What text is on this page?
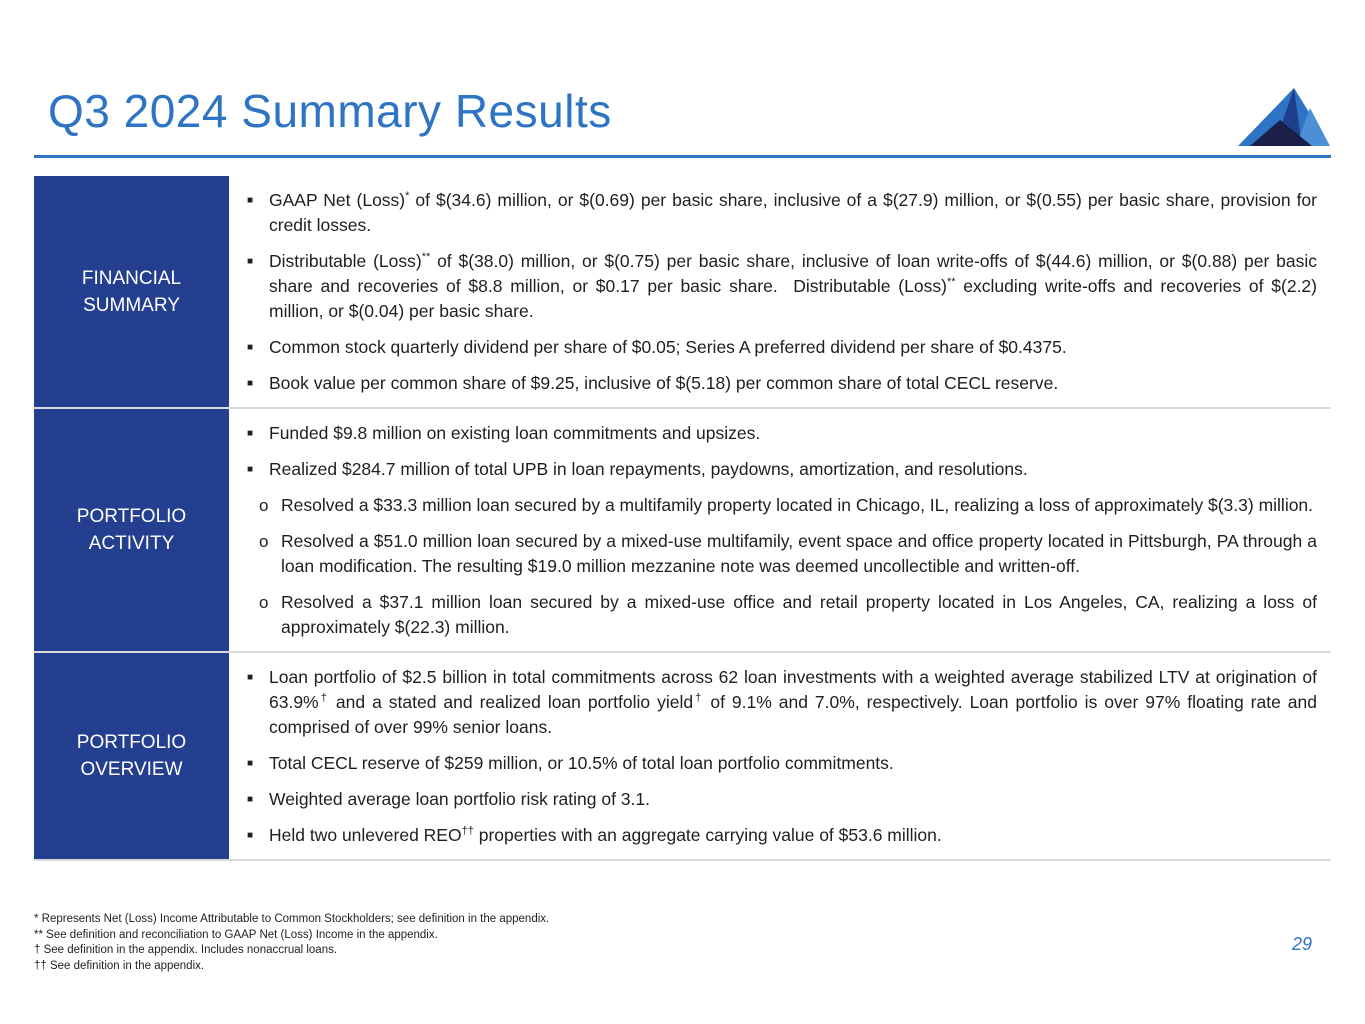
Q3 2024 Summary Results
FINANCIAL
SUMMARY
■ GAAP Net (Loss)* of $(34.6) million, or $(0.69) per basic share, inclusive of a $(27.9) million, or $(0.55) per basic share, provision for credit losses.
■ Distributable (Loss)** of $(38.0) million, or $(0.75) per basic share, inclusive of loan write-offs of $(44.6) million, or $(0.88) per basic share and recoveries of $8.8 million, or $0.17 per basic share.  Distributable (Loss)** excluding write-offs and recoveries of $(2.2) million, or $(0.04) per basic share.
■ Common stock quarterly dividend per share of $0.05; Series A preferred dividend per share of $0.4375.
■ Book value per common share of $9.25, inclusive of $(5.18) per common share of total CECL reserve.
PORTFOLIO
ACTIVITY
■ Funded $9.8 million on existing loan commitments and upsizes.
■ Realized $284.7 million of total UPB in loan repayments, paydowns, amortization, and resolutions.
o Resolved a $33.3 million loan secured by a multifamily property located in Chicago, IL, realizing a loss of approximately $(3.3) million.
o Resolved a $51.0 million loan secured by a mixed-use multifamily, event space and office property located in Pittsburgh, PA through a loan modification. The resulting $19.0 million mezzanine note was deemed uncollectible and written-off.
o Resolved a $37.1 million loan secured by a mixed-use office and retail property located in Los Angeles, CA, realizing a loss of approximately $(22.3) million.
PORTFOLIO
OVERVIEW
■ Loan portfolio of $2.5 billion in total commitments across 62 loan investments with a weighted average stabilized LTV at origination of 63.9%† and a stated and realized loan portfolio yield† of 9.1% and 7.0%, respectively. Loan portfolio is over 97% floating rate and comprised of over 99% senior loans.
■ Total CECL reserve of $259 million, or 10.5% of total loan portfolio commitments.
■ Weighted average loan portfolio risk rating of 3.1.
■ Held two unlevered REO†† properties with an aggregate carrying value of $53.6 million.
* Represents Net (Loss) Income Attributable to Common Stockholders; see definition in the appendix.
** See definition and reconciliation to GAAP Net (Loss) Income in the appendix.
† See definition in the appendix. Includes nonaccrual loans.
†† See definition in the appendix.
29
